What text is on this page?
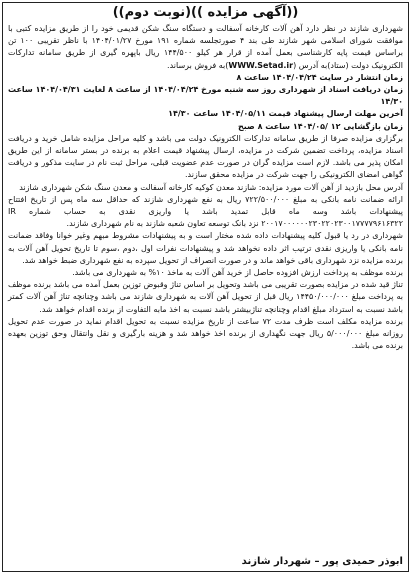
((آگهی مزایده ))(نوبت دوم))

شهرداری شازند در نظر دارد آهن آلات کارخانه آسفالت و دستگاه سنگ شکن قدیمی خود را از طریق مزایده کتبی با موافقت شورای اسلامی شهر شازند طی بند ۴ صورتجلسه شماره ۱۹۱ مورخ ۱۴۰۴/۰۱/۲۷ با ناظر تقریبی ۱۰۰ تن براساس قیمت پایه کارشناسی بعمل آمده از قرار هر کیلو ۱۴۴/۵۰۰ ریال باپهره گیری از طریق سامانه تدارکات الکترونیک دولت (ستاد)به آدرس (WWW.Setad.ir)به فروش برساند.

زمان انتشار در سایت ۱۴۰۴/۰۴/۲۴ ساعت ۸

زمان دریافت اسناد از شهرداری روز سه شنبه مورخ ۱۴۰۴/۰۴/۲۴ از ساعت ۸ لغایت ۱۴۰۴/۰۴/۳۱ ساعت ۱۴/۳۰

آخرین مهلت ارسال پیشنهاد قیمت ۱۴۰۴/۰۵/۱۱ ساعت ۱۴/۳۰

زمان بازگشایی ۱۲ /۱۴۰۴/۰۵ ساعت ۸ صبح

برگزاری مزایده صرفا از طریق سامانه تدارکات الکترونیک دولت می باشد و کلیه مراحل مزایده شامل خرید و دریافت اسناد مزایده، پرداخت تضمین شرکت در مزایده، ارسال پیشنهاد قیمت اعلام به برنده در بستر سامانه از این طریق امکان پذیر می باشد. لازم است مزایده گران در صورت عدم عضویت قبلی، مراحل ثبت نام در سایت مذکور و دریافت گواهی امضای الکترونیکی را جهت شرکت در مزایده محقق سازند.

آدرس محل بازدید از آهن آلات مورد مزایده: شازند معدن کوکیه کارخانه آسفالت و معدن سنگ شکن شهرداری شازند

ارائه ضمانت نامه بانکی به مبلغ ۷۲۲/۵۰۰/۰۰۰ ریال به نفع شهرداری شازند که حداقل سه ماه پس از تاریخ افتتاح پیشنهادات باشد وسه ماه قابل تمدید باشد یا واریزی نقدی به حساب شماره IR ۲۰۰۱۷۰۰۰۰۰۰۲۳۰۲۲۰۲۳۰۰۱۷۷۷۷۹۶۱۶۳۲۲ نزد بانک توسعه تعاون شعبه شازند به نام شهرداری شازند.

شهرداری در رد یا قبول کلیه پیشنهادات داده شده مختار است و به پیشنهادات مشروط مبهم وغیر خوانا وفاقد ضمانت نامه بانکی یا واریزی نقدی ترتیب اثر داده نخواهد شد و پیشنهادات نفرات اول ،دوم ،سوم تا تاریخ تحویل آهن آلات به برنده مزایده نزد شهرداری باقی خواهد ماند و در صورت انصراف از تحویل سپرده به نفع شهرداری ضبط خواهد شد.

برنده موظف به پرداخت ارزش افزوده حاصل از خرید آهن آلات به ماخذ ۱۰% به شهرداری می باشد.

تناژ قید شده در مزایده بصورت تقریبی می باشد وتحویل بر اساس تناژ وقبوض توزین بعمل آمده می باشد برنده موظف به پرداخت مبلغ ۱۴۴۵۰/۰۰۰/۰۰۰ ریال قبل از تحویل آهن آلات به شهرداری شازند می باشد وچنانچه تناژ آهن آلات کمتر باشد نسبت به استرداد مبلغ اقدام وچنانچه تناژبیشتر باشد نسبت به اخذ مابه التفاوت از برنده اقدام خواهد شد.

برنده مزایده مکلف است ظرف مدت ۷۲ ساعت از تاریخ مزایده نسبت به تحویل اقدام نماید در صورت عدم تحویل روزانه مبلغ ۵/۰۰۰/۰۰۰ ریال جهت نگهداری از برنده اخذ خواهد شد و هزینه بارگیری و نقل وانتقال وحق توزین بعهده برنده می باشد.

ابوذر حمیدی پور – شهردار شازند
